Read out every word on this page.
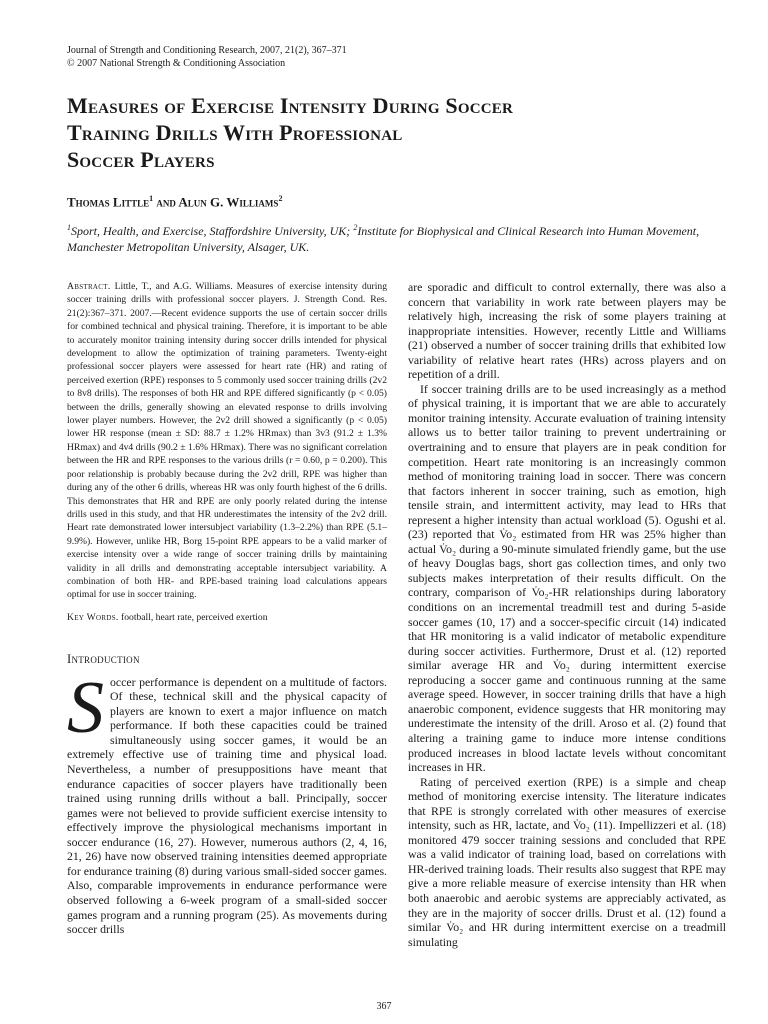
Journal of Strength and Conditioning Research, 2007, 21(2), 367–371
© 2007 National Strength & Conditioning Association
Measures of Exercise Intensity During Soccer
Training Drills With Professional
Soccer Players
Thomas Little$^1$ and Alun G. Williams$^2$
$^1$Sport, Health, and Exercise, Staffordshire University, UK; $^2$Institute for Biophysical and Clinical Research into Human Movement, Manchester Metropolitan University, Alsager, UK.

Abstract. Little, T., and A.G. Williams. Measures of exercise intensity during soccer training drills with professional soccer players. J. Strength Cond. Res. 21(2):367–371. 2007.—Recent evidence supports the use of certain soccer drills for combined technical and physical training. Therefore, it is important to be able to accurately monitor training intensity during soccer drills intended for physical development to allow the optimization of training parameters. Twenty-eight professional soccer players were assessed for heart rate (HR) and rating of perceived exertion (RPE) responses to 5 commonly used soccer training drills (2v2 to 8v8 drills). The responses of both HR and RPE differed significantly (p < 0.05) between the drills, generally showing an elevated response to drills involving lower player numbers. However, the 2v2 drill showed a significantly (p < 0.05) lower HR response (mean ± SD: 88.7 ± 1.2% HRmax) than 3v3 (91.2 ± 1.3% HRmax) and 4v4 drills (90.2 ± 1.6% HRmax). There was no significant correlation between the HR and RPE responses to the various drills (r = 0.60, p = 0.200). This poor relationship is probably because during the 2v2 drill, RPE was higher than during any of the other 6 drills, whereas HR was only fourth highest of the 6 drills. This demonstrates that HR and RPE are only poorly related during the intense drills used in this study, and that HR underestimates the intensity of the 2v2 drill. Heart rate demonstrated lower intersubject variability (1.3–2.2%) than RPE (5.1–9.9%). However, unlike HR, Borg 15-point RPE appears to be a valid marker of exercise intensity over a wide range of soccer training drills by maintaining validity in all drills and demonstrating acceptable intersubject variability. A combination of both HR- and RPE-based training load calculations appears optimal for use in soccer training.

Key Words. football, heart rate, perceived exertion

Introduction

Soccer performance is dependent on a multitude of factors. Of these, technical skill and the physical capacity of players are known to exert a major influence on match performance. If both these capacities could be trained simultaneously using soccer games, it would be an extremely effective use of training time and physical load. Nevertheless, a number of presuppositions have meant that endurance capacities of soccer players have traditionally been trained using running drills without a ball. Principally, soccer games were not believed to provide sufficient exercise intensity to effectively improve the physiological mechanisms important in soccer endurance (16, 27). However, numerous authors (2, 4, 16, 21, 26) have now observed training intensities deemed appropriate for endurance training (8) during various small-sided soccer games. Also, comparable improvements in endurance performance were observed following a 6-week program of a small-sided soccer games program and a running program (25). As movements during soccer drills

are sporadic and difficult to control externally, there was also a concern that variability in work rate between players may be relatively high, increasing the risk of some players training at inappropriate intensities. However, recently Little and Williams (21) observed a number of soccer training drills that exhibited low variability of relative heart rates (HRs) across players and on repetition of a drill.

If soccer training drills are to be used increasingly as a method of physical training, it is important that we are able to accurately monitor training intensity. Accurate evaluation of training intensity allows us to better tailor training to prevent undertraining or overtraining and to ensure that players are in peak condition for competition. Heart rate monitoring is an increasingly common method of monitoring training load in soccer. There was concern that factors inherent in soccer training, such as emotion, high tensile strain, and intermittent activity, may lead to HRs that represent a higher intensity than actual workload (5). Ogushi et al. (23) reported that V̇o₂ estimated from HR was 25% higher than actual V̇o₂ during a 90-minute simulated friendly game, but the use of heavy Douglas bags, short gas collection times, and only two subjects makes interpretation of their results difficult. On the contrary, comparison of V̇o₂-HR relationships during laboratory conditions on an incremental treadmill test and during 5-aside soccer games (10, 17) and a soccer-specific circuit (14) indicated that HR monitoring is a valid indicator of metabolic expenditure during soccer activities. Furthermore, Drust et al. (12) reported similar average HR and V̇o₂ during intermittent exercise reproducing a soccer game and continuous running at the same average speed. However, in soccer training drills that have a high anaerobic component, evidence suggests that HR monitoring may underestimate the intensity of the drill. Aroso et al. (2) found that altering a training game to induce more intense conditions produced increases in blood lactate levels without concomitant increases in HR.

Rating of perceived exertion (RPE) is a simple and cheap method of monitoring exercise intensity. The literature indicates that RPE is strongly correlated with other measures of exercise intensity, such as HR, lactate, and V̇o₂ (11). Impellizzeri et al. (18) monitored 479 soccer training sessions and concluded that RPE was a valid indicator of training load, based on correlations with HR-derived training loads. Their results also suggest that RPE may give a more reliable measure of exercise intensity than HR when both anaerobic and aerobic systems are appreciably activated, as they are in the majority of soccer drills. Drust et al. (12) found a similar V̇o₂ and HR during intermittent exercise on a treadmill simulating

367
